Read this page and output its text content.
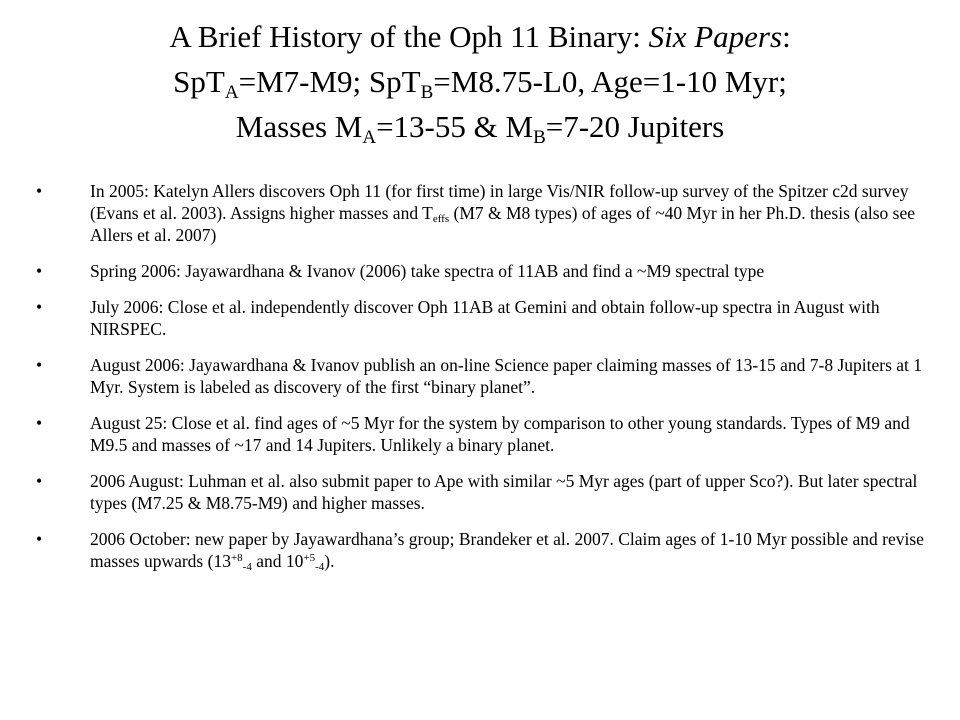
A Brief History of the Oph 11 Binary: Six Papers:
SpT$_A$=M7-M9; SpT$_B$=M8.75-L0, Age=1-10 Myr;
Masses $M_A=13-55$ & $M_B=7-20$ Jupiters
•	In 2005: Katelyn Allers discovers Oph 11 (for first time) in large Vis/NIR follow-up survey of the Spitzer c2d survey (Evans et al. 2003). Assigns higher masses and $T_{effs}$ (M7 & M8 types) of ages of ~40 Myr in her Ph.D. thesis (also see Allers et al. 2007)
•	Spring 2006: Jayawardhana & Ivanov (2006) take spectra of 11AB and find a ~M9 spectral type
•	July 2006: Close et al. independently discover Oph 11AB at Gemini and obtain follow-up spectra in August with NIRSPEC.
•	August 2006: Jayawardhana & Ivanov publish an on-line Science paper claiming masses of 13-15 and 7-8 Jupiters at 1 Myr. System is labeled as discovery of the first “binary planet”.
•	August 25: Close et al. find ages of ~5 Myr for the system by comparison to other young standards. Types of M9 and M9.5 and masses of ~17 and 14 Jupiters. Unlikely a binary planet.
•	2006 August: Luhman et al. also submit paper to Ape with similar ~5 Myr ages (part of upper Sco?). But later spectral types (M7.25 & M8.75-M9) and higher masses.
•	2006 October: new paper by Jayawardhana’s group; Brandeker et al. 2007. Claim ages of 1-10 Myr possible and revise masses upwards ($13^{+8}_{-4}$ and $10^{+5}_{-4}$).
